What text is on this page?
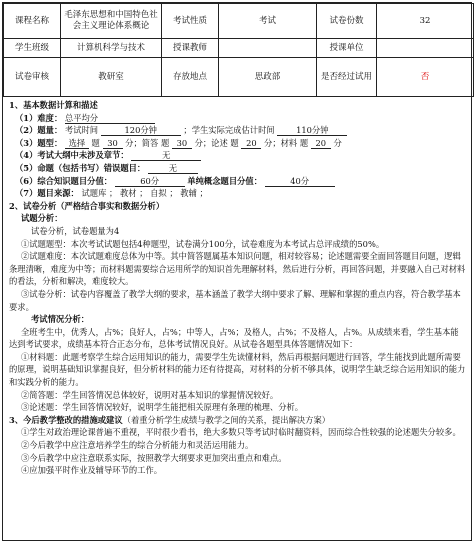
课程名称	毛泽东思想和中国特色社会主义理论体系概论	考试性质	考试	试卷份数	32
学生班级	计算机科学与技术	授课教师		授课单位	
试卷审核	教研室	存放地点	思政部	是否经过试用	否
1、基本数据计算和描述
（1）难度： 总平均分
（2）题量： 考试时间	120分钟	；学生实际完成估计时间	110分钟
（3）题型： 选择 题 30 分；简答 题 30 分；论述 题 20 分；材料 题 20 分
（4）考试大纲中未涉及章节：	无
（5）命题（包括书写）错误题目：	无
（6）综合知识题目分值：	60分	单纯概念题目分值：	40分
（7）题目来源： 试题库 ； 教材 ； 自拟 ； 教辅 ；
2、试卷分析（严格结合事实和数据分析）
试题分析：
试卷分析，试卷题量为4

①试题题型：本次考试试题包括4种题型，试卷满分100分，试卷难度为本考试占总评成绩的50%。

②试题难度：本次试题难度总体为中等。其中简答题属基本知识问题，相对较容易；论述题需要全面回答题目问题，逻辑条理清晰，难度为中等；而材料题需要综合运用所学的知识首先理解材料，然后进行分析，再回答问题，并要融入自己对材料的看法，分析和解决，难度较大。

③试卷分析：试卷内容覆盖了教学大纲的要求，基本涵盖了教学大纲中要求了解、理解和掌握的重点内容，符合教学基本要求。

考试情况分析：

全班考生中，优秀人，占%；良好人，占%；中等人，占%；及格人，占%；不及格人，占%。从成绩来看，学生基本能达到考试要求，成绩基本符合正态分布，总体考试情况良好。从试卷各题型具体答题情况如下：

①材料题：此题考察学生综合运用知识的能力，需要学生先读懂材料，然后再根据问题进行回答，学生能找到此题所需要的原理，说明基础知识掌握良好，但分析材料的能力还有待提高，对材料的分析不够具体，说明学生缺乏综合运用知识的能力和实践分析的能力。

②简答题：学生回答情况总体较好，说明对基本知识的掌握情况较好。

③论述题：学生回答情况较好，说明学生能把相关原理有条理的梳理、分析。

3、今后教学整改的措施或建议（着重分析学生成绩与教学之间的关系，提出解决方案）

①学生对政治理论课普遍不重视，平时很少看书，绝大多数只等考试时临时翻资料，因而综合性较强的论述题失分较多。

②今后教学中应注意培养学生的综合分析能力和灵活运用能力。

③今后教学中应注意联系实际，按照教学大纲要求更加突出重点和难点。

④应加强平时作业及辅导环节的工作。
